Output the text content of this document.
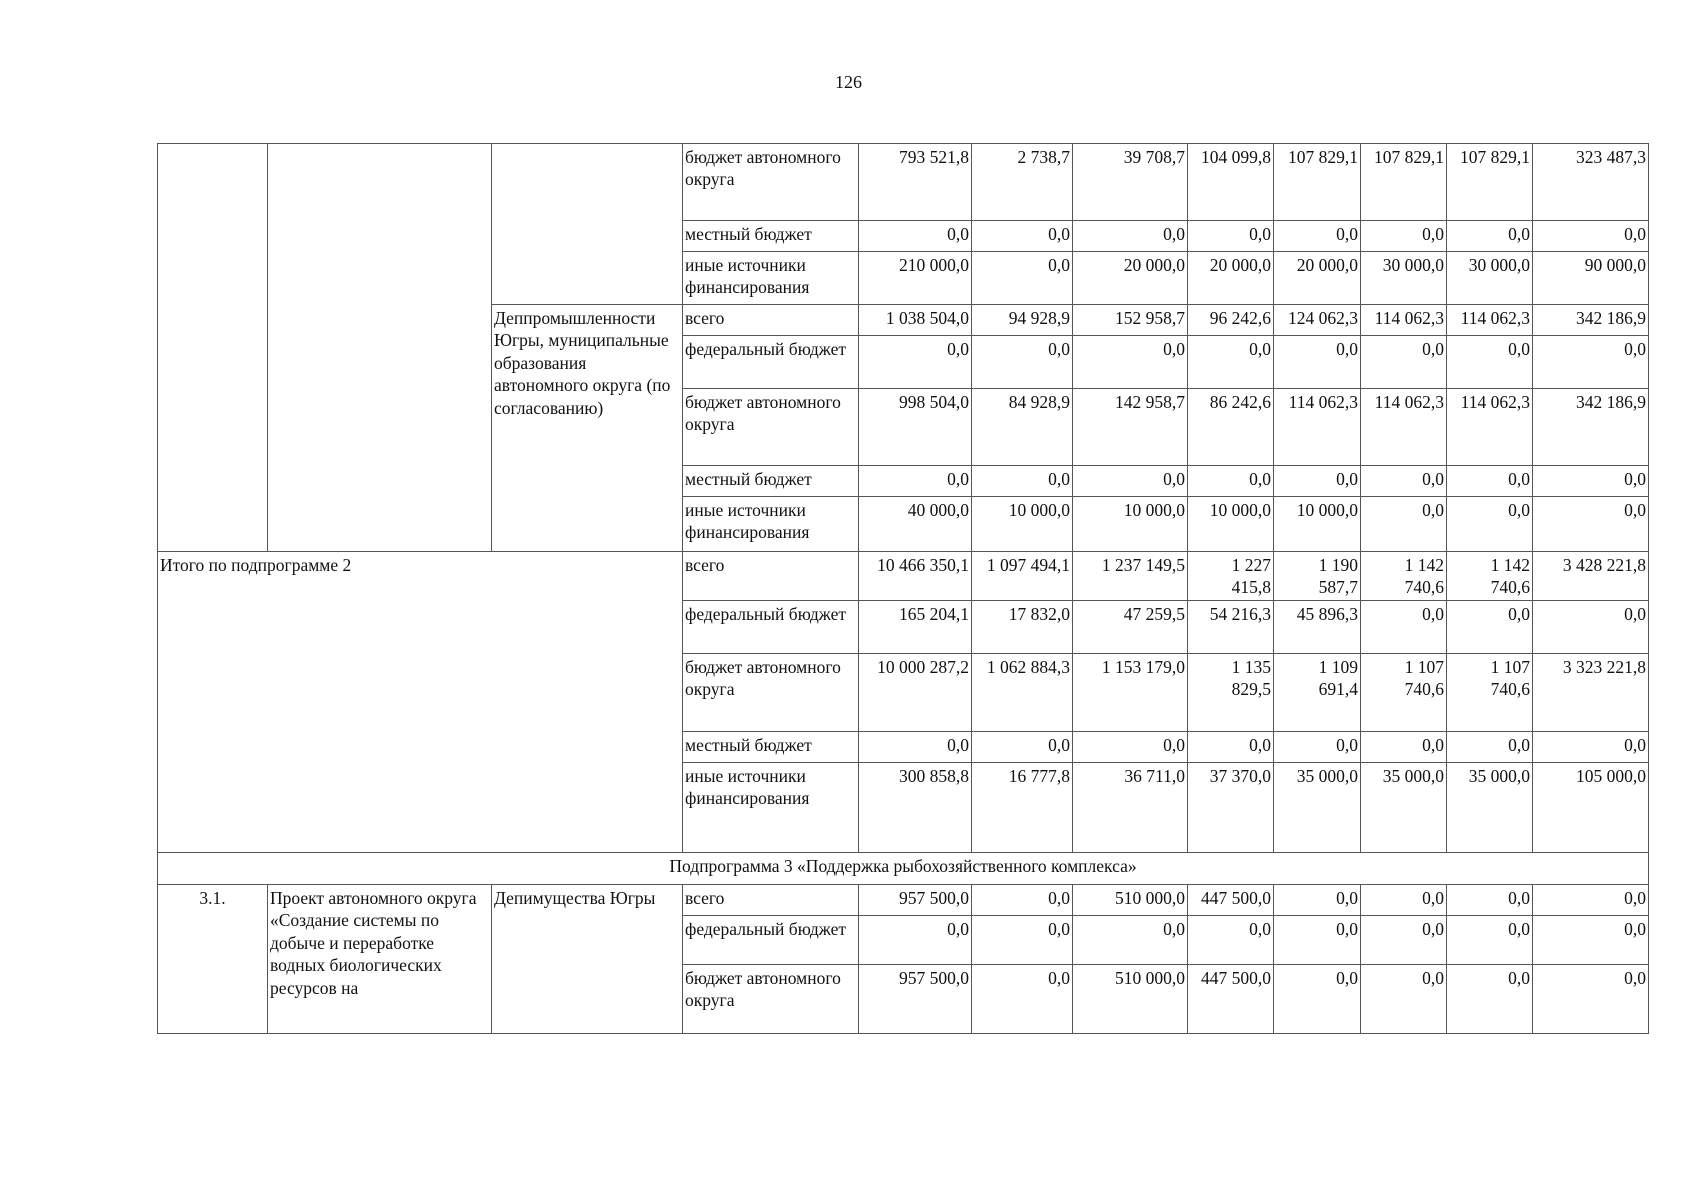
126
			бюджет автономного округа	793 521,8	2 738,7	39 708,7	104 099,8	107 829,1	107 829,1	107 829,1	323 487,3
			местный бюджет	0,0	0,0	0,0	0,0	0,0	0,0	0,0	0,0
			иные источники финансирования	210 000,0	0,0	20 000,0	20 000,0	20 000,0	30 000,0	30 000,0	90 000,0
		Деппромышленности Югры, муниципальные образования автономного округа (по согласованию)	всего	1 038 504,0	94 928,9	152 958,7	96 242,6	124 062,3	114 062,3	114 062,3	342 186,9
			федеральный бюджет	0,0	0,0	0,0	0,0	0,0	0,0	0,0	0,0
			бюджет автономного округа	998 504,0	84 928,9	142 958,7	86 242,6	114 062,3	114 062,3	114 062,3	342 186,9
			местный бюджет	0,0	0,0	0,0	0,0	0,0	0,0	0,0	0,0
			иные источники финансирования	40 000,0	10 000,0	10 000,0	10 000,0	10 000,0	0,0	0,0	0,0
Итого по подпрограмме 2			всего	10 466 350,1	1 097 494,1	1 237 149,5	1 227 415,8	1 190 587,7	1 142 740,6	1 142 740,6	3 428 221,8
			федеральный бюджет	165 204,1	17 832,0	47 259,5	54 216,3	45 896,3	0,0	0,0	0,0
			бюджет автономного округа	10 000 287,2	1 062 884,3	1 153 179,0	1 135 829,5	1 109 691,4	1 107 740,6	1 107 740,6	3 323 221,8
			местный бюджет	0,0	0,0	0,0	0,0	0,0	0,0	0,0	0,0
			иные источники финансирования	300 858,8	16 777,8	36 711,0	37 370,0	35 000,0	35 000,0	35 000,0	105 000,0
Подпрограмма 3 «Поддержка рыбохозяйственного комплекса»											
3.1.	Проект автономного округа «Создание системы по добыче и переработке водных биологических ресурсов на	Депимущества Югры	всего	957 500,0	0,0	510 000,0	447 500,0	0,0	0,0	0,0	0,0
			федеральный бюджет	0,0	0,0	0,0	0,0	0,0	0,0	0,0	0,0
			бюджет автономного округа	957 500,0	0,0	510 000,0	447 500,0	0,0	0,0	0,0	0,0
